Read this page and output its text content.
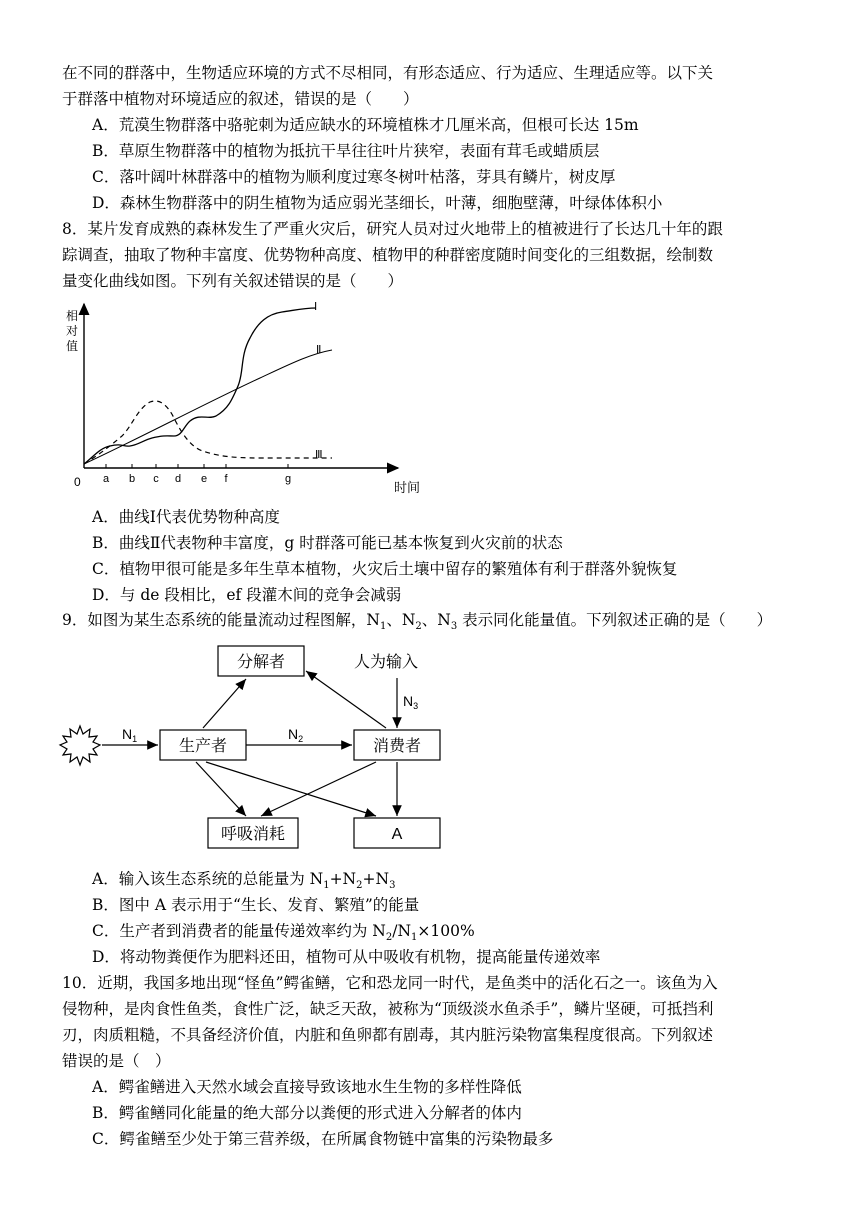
在不同的群落中，生物适应环境的方式不尽相同，有形态适应、行为适应、生理适应等。以下关
于群落中植物对环境适应的叙述，错误的是（　　）
A．荒漠生物群落中骆驼刺为适应缺水的环境植株才几厘米高，但根可长达 15m
B．草原生物群落中的植物为抵抗干旱往往叶片狭窄，表面有茸毛或蜡质层
C．落叶阔叶林群落中的植物为顺利度过寒冬树叶枯落，芽具有鳞片，树皮厚
D．森林生物群落中的阴生植物为适应弱光茎细长，叶薄，细胞壁薄，叶绿体体积小
8．某片发育成熟的森林发生了严重火灾后，研究人员对过火地带上的植被进行了长达几十年的跟
踪调查，抽取了物种丰富度、优势物种高度、植物甲的种群密度随时间变化的三组数据，绘制数
量变化曲线如图。下列有关叙述错误的是（　　）
相
对
值
0	时间
a b c d e f	g
Ⅰ
Ⅱ
Ⅲ
A．曲线Ⅰ代表优势物种高度
B．曲线Ⅱ代表物种丰富度，g 时群落可能已基本恢复到火灾前的状态
C．植物甲很可能是多年生草本植物，火灾后土壤中留存的繁殖体有利于群落外貌恢复
D．与 de 段相比，ef 段灌木间的竞争会减弱
9．如图为某生态系统的能量流动过程图解，$N_1$、$N_2$、$N_3$ 表示同化能量值。下列叙述正确的是（　　）
分解者	人为输入
生产者	消费者
呼吸消耗	A
$N_1$	$N_2$
$N_3$
A．输入该生态系统的总能量为 $N_1+N_2+N_3$
B．图中 A 表示用于“生长、发育、繁殖”的能量
C．生产者到消费者的能量传递效率约为 $N_2/N_1\times 100\%$
D．将动物粪便作为肥料还田，植物可从中吸收有机物，提高能量传递效率
10．近期，我国多地出现“怪鱼”鳄雀鳝，它和恐龙同一时代，是鱼类中的活化石之一。该鱼为入
侵物种，是肉食性鱼类，食性广泛，缺乏天敌，被称为“顶级淡水鱼杀手”，鳞片坚硬，可抵挡利
刃，肉质粗糙，不具备经济价值，内脏和鱼卵都有剧毒，其内脏污染物富集程度很高。下列叙述
错误的是（　）
A．鳄雀鳝进入天然水域会直接导致该地水生生物的多样性降低
B．鳄雀鳝同化能量的绝大部分以粪便的形式进入分解者的体内
C．鳄雀鳝至少处于第三营养级，在所属食物链中富集的污染物最多
